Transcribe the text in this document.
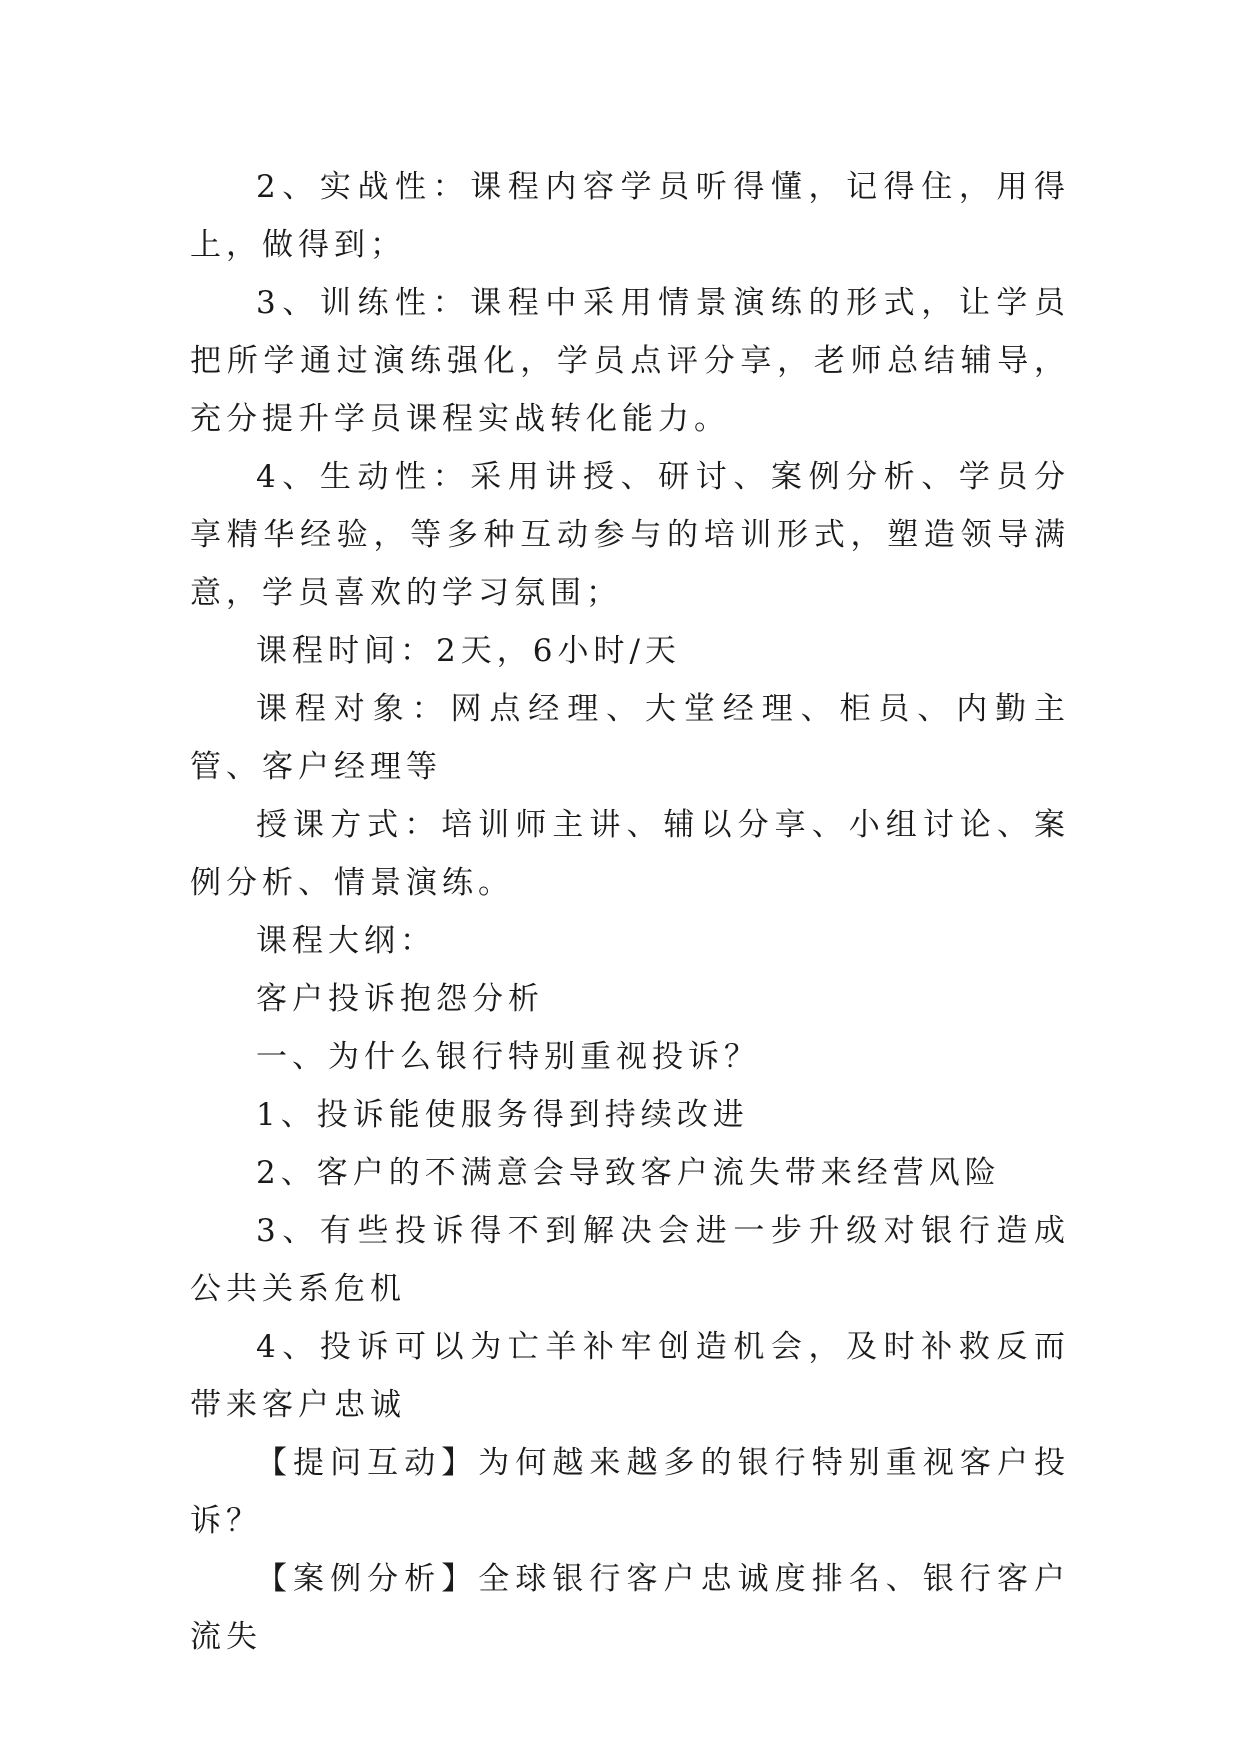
2、实战性：课程内容学员听得懂，记得住，用得上，做得到；

3、训练性：课程中采用情景演练的形式，让学员把所学通过演练强化，学员点评分享，老师总结辅导，充分提升学员课程实战转化能力。

4、生动性：采用讲授、研讨、案例分析、学员分享精华经验，等多种互动参与的培训形式，塑造领导满意，学员喜欢的学习氛围；

课程时间：2天，6小时/天

课程对象：网点经理、大堂经理、柜员、内勤主管、客户经理等

授课方式：培训师主讲、辅以分享、小组讨论、案例分析、情景演练。

课程大纲：

客户投诉抱怨分析

一、为什么银行特别重视投诉？

1、投诉能使服务得到持续改进

2、客户的不满意会导致客户流失带来经营风险

3、有些投诉得不到解决会进一步升级对银行造成公共关系危机

4、投诉可以为亡羊补牢创造机会，及时补救反而带来客户忠诚

【提问互动】为何越来越多的银行特别重视客户投诉？

【案例分析】全球银行客户忠诚度排名、银行客户流失
